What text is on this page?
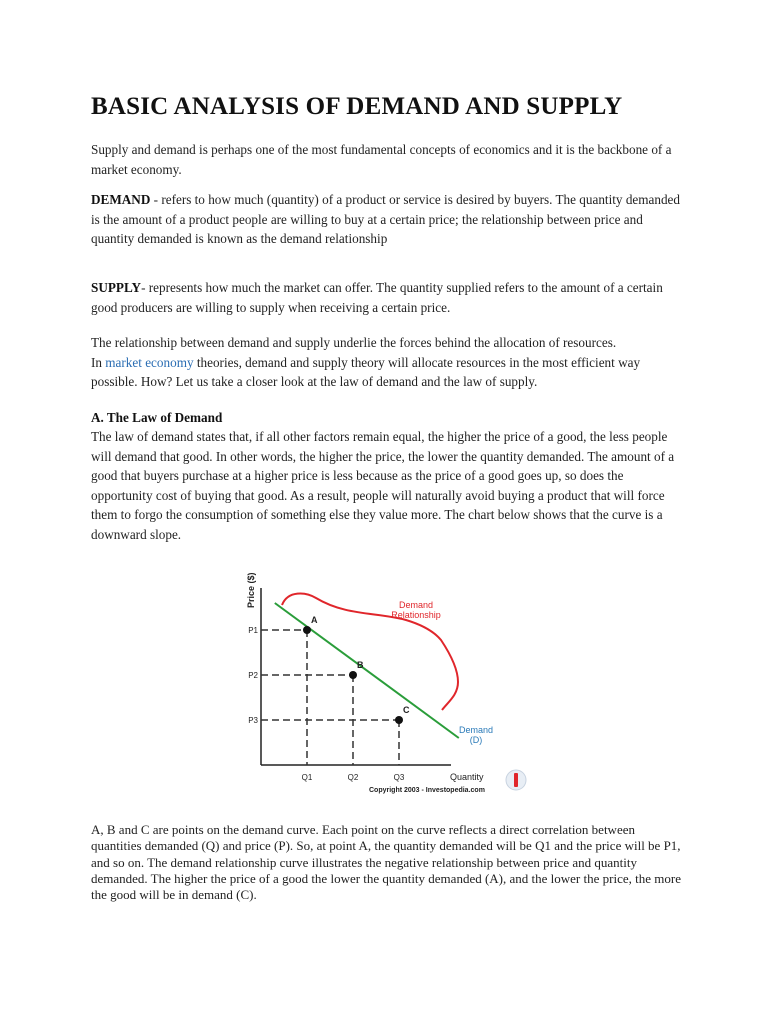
BASIC ANALYSIS OF DEMAND AND SUPPLY

Supply and demand is perhaps one of the most fundamental concepts of economics and it is the backbone of a market economy.

DEMAND - refers to how much (quantity) of a product or service is desired by buyers. The quantity demanded is the amount of a product people are willing to buy at a certain price; the relationship between price and quantity demanded is known as the demand relationship

SUPPLY- represents how much the market can offer. The quantity supplied refers to the amount of a certain good producers are willing to supply when receiving a certain price.

The relationship between demand and supply underlie the forces behind the allocation of resources.
In market economy theories, demand and supply theory will allocate resources in the most efficient way possible. How? Let us take a closer look at the law of demand and the law of supply.

A. The Law of Demand

The law of demand states that, if all other factors remain equal, the higher the price of a good, the less people will demand that good. In other words, the higher the price, the lower the quantity demanded. The amount of a good that buyers purchase at a higher price is less because as the price of a good goes up, so does the opportunity cost of buying that good. As a result, people will naturally avoid buying a product that will force them to forgo the consumption of something else they value more. The chart below shows that the curve is a downward slope.

Price ($)	Demand
Relationship
A
Q1
P1
B
Q2
P2
C
Q3
P3
Demand
(D)
Quantity
Copyright 2003 - Investopedia.com

A, B and C are points on the demand curve. Each point on the curve reflects a direct correlation between quantities demanded (Q) and price (P). So, at point A, the quantity demanded will be Q1 and the price will be P1, and so on. The demand relationship curve illustrates the negative relationship between price and quantity demanded. The higher the price of a good the lower the quantity demanded (A), and the lower the price, the more the good will be in demand (C).
